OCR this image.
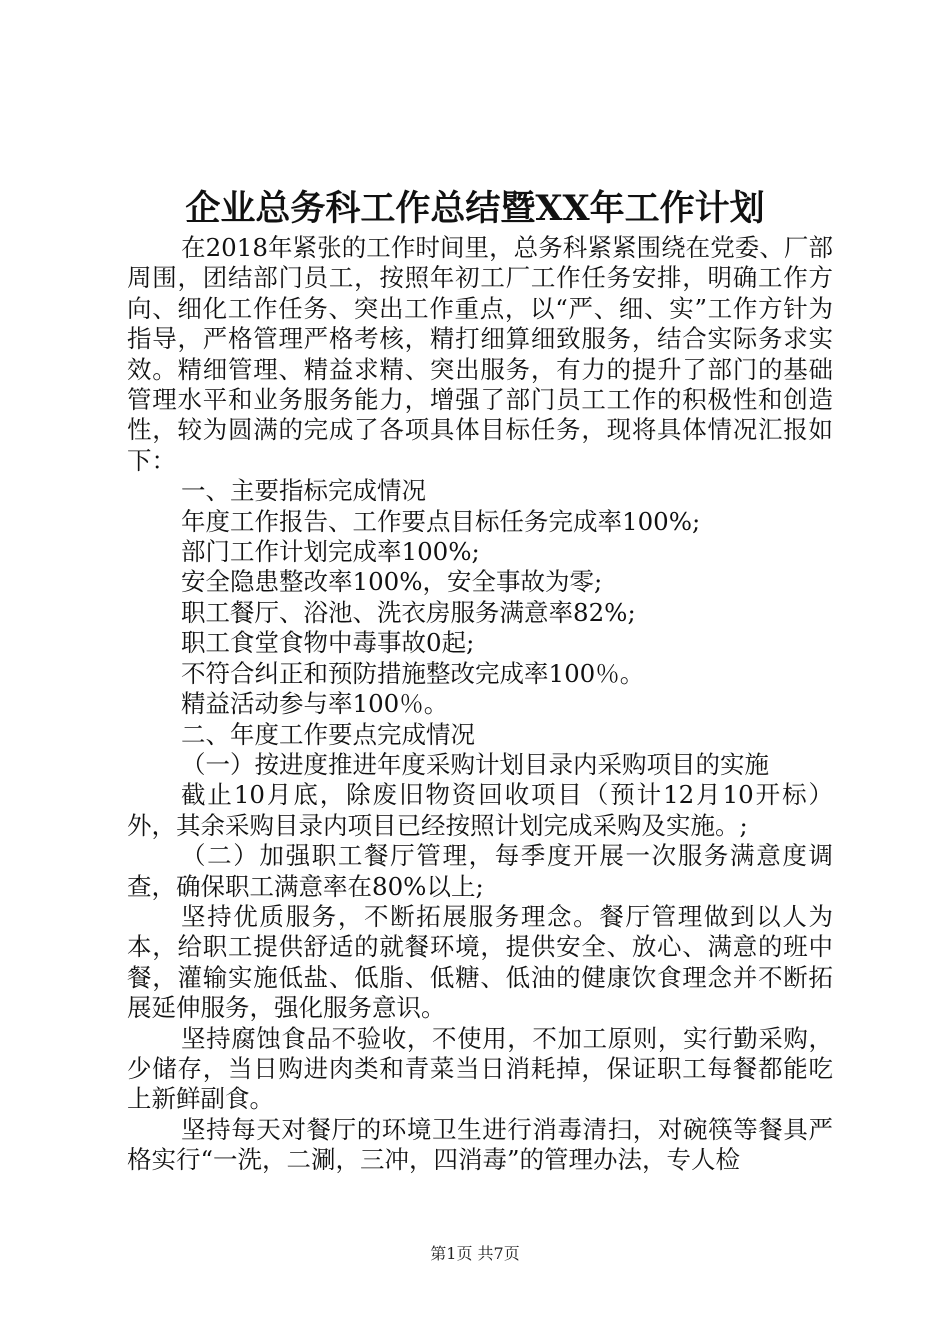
企业总务科工作总结暨XX年工作计划

在2018年紧张的工作时间里，总务科紧紧围绕在党委、厂部周围，团结部门员工，按照年初工厂工作任务安排，明确工作方向、细化工作任务、突出工作重点，以“严、细、实”工作方针为指导，严格管理严格考核，精打细算细致服务，结合实际务求实效。精细管理、精益求精、突出服务，有力的提升了部门的基础管理水平和业务服务能力，增强了部门员工工作的积极性和创造性，较为圆满的完成了各项具体目标任务，现将具体情况汇报如下：

一、主要指标完成情况

年度工作报告、工作要点目标任务完成率100%;

部门工作计划完成率100%;

安全隐患整改率100%，安全事故为零;

职工餐厅、浴池、洗衣房服务满意率82%;

职工食堂食物中毒事故0起;

不符合纠正和预防措施整改完成率100％。

精益活动参与率100％。

二、年度工作要点完成情况

（一）按进度推进年度采购计划目录内采购项目的实施

截止10月底，除废旧物资回收项目（预计12月10开标）外，其余采购目录内项目已经按照计划完成采购及实施。;

（二）加强职工餐厅管理，每季度开展一次服务满意度调查，确保职工满意率在80%以上;

坚持优质服务，不断拓展服务理念。餐厅管理做到以人为本，给职工提供舒适的就餐环境，提供安全、放心、满意的班中餐，灌输实施低盐、低脂、低糖、低油的健康饮食理念并不断拓展延伸服务，强化服务意识。

坚持腐蚀食品不验收，不使用，不加工原则，实行勤采购，少储存，当日购进肉类和青菜当日消耗掉，保证职工每餐都能吃上新鲜副食。

坚持每天对餐厅的环境卫生进行消毒清扫，对碗筷等餐具严格实行“一洗，二涮，三冲，四消毒”的管理办法，专人检

第1页 共7页
